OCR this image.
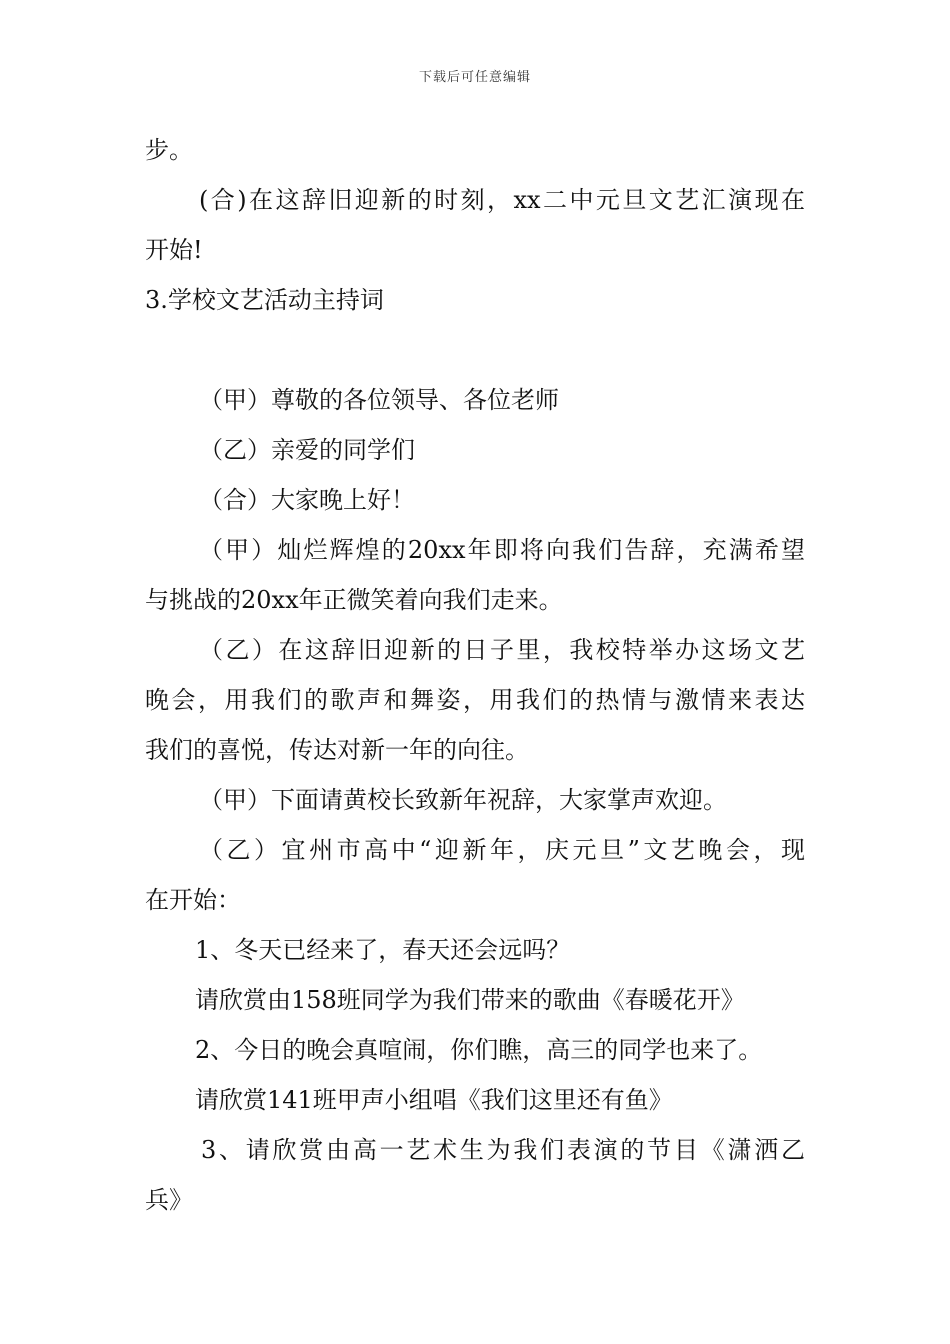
下载后可任意编辑
步。
(合)在这辞旧迎新的时刻，xx二中元旦文艺汇演现在
开始!
3.学校文艺活动主持词
（甲）尊敬的各位领导、各位老师
（乙）亲爱的同学们
（合）大家晚上好！
（甲）灿烂辉煌的20xx年即将向我们告辞，充满希望
与挑战的20xx年正微笑着向我们走来。
（乙）在这辞旧迎新的日子里，我校特举办这场文艺
晚会，用我们的歌声和舞姿，用我们的热情与激情来表达
我们的喜悦，传达对新一年的向往。
（甲）下面请黄校长致新年祝辞，大家掌声欢迎。
（乙）宜州市高中“迎新年，庆元旦”文艺晚会，现
在开始：
1、冬天已经来了，春天还会远吗？
请欣赏由158班同学为我们带来的歌曲《春暖花开》
2、今日的晚会真喧闹，你们瞧，高三的同学也来了。
请欣赏141班甲声小组唱《我们这里还有鱼》
3、请欣赏由高一艺术生为我们表演的节目《潇洒乙
兵》
